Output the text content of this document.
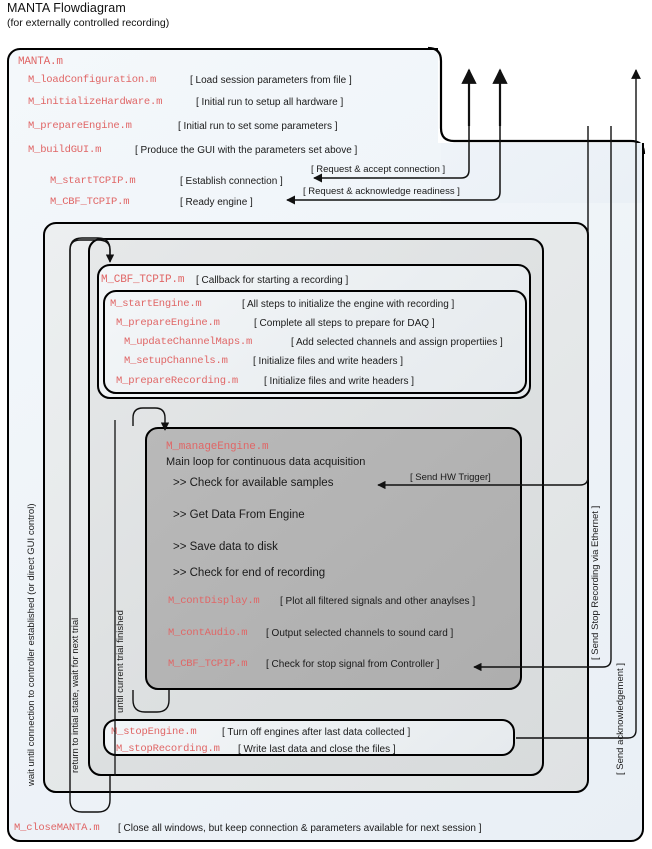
MANTA Flowdiagram
(for externally controlled recording)
MANTA.m
M_loadConfiguration.m	[ Load session parameters from file ]
M_initializeHardware.m	[ Initial run to setup all hardware ]
M_prepareEngine.m	[ Initial run to set some parameters ]
M_buildGUI.m	[ Produce the GUI with the parameters set above ]
M_startTCPIP.m	[ Establish connection ]
M_CBF_TCPIP.m	[ Ready engine ]
[ Request & accept connection ]
[ Request & acknowledge readiness ]
M_CBF_TCPIP.m [ Callback for starting a recording ]
M_startEngine.m	[ All steps to initialize the engine with recording ]
M_prepareEngine.m	[ Complete all steps to prepare for DAQ ]
M_updateChannelMaps.m	[ Add selected channels and assign propertiies ]
M_setupChannels.m	[ Initialize files and write headers ]
M_prepareRecording.m	[ Initialize files and write headers ]
M_manageEngine.m
Main loop for continuous data acquisition
>> Check for available samples
>> Get Data From Engine
>> Save data to disk
>> Check for end of recording
M_contDisplay.m [ Plot all filtered signals and other anaylses ]
M_contAudio.m [ Output selected channels to sound card ]
M_CBF_TCPIP.m [ Check for stop signal from Controller ]
[ Send HW Trigger]
M_stopEngine.m	[ Turn off engines after last data collected ]
M_stopRecording.m [ Write last data and close the files ]
M_closeMANTA.m [ Close all windows, but keep connection & parameters available for next session ]
wait until connection to controller established (or direct GUI control)	return to intial state, wait for next trial	until current trial finished
[ Send Stop Recording via Ethernet ]
[ Send acknowledgement ]
